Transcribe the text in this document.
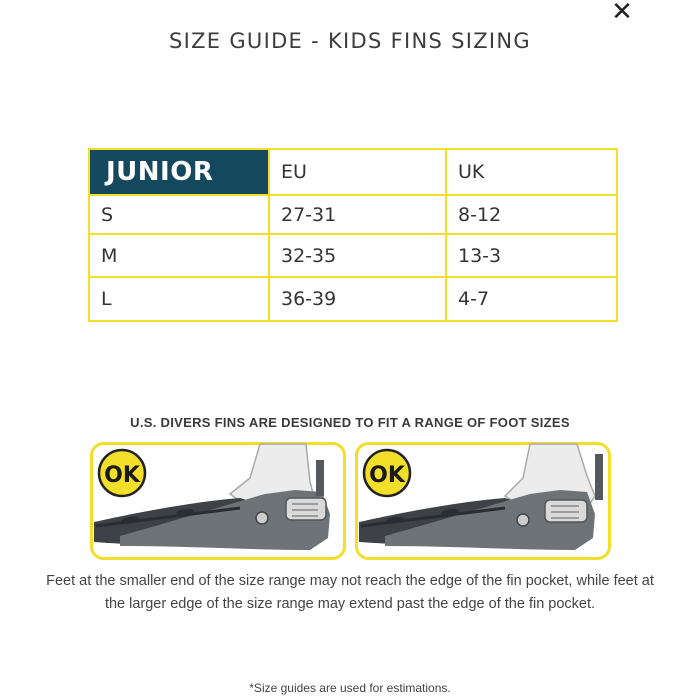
✕
SIZE GUIDE - KIDS FINS SIZING
JUNIOR	EU	UK
S	27-31	8-12
M	32-35	13-3
L	36-39	4-7
U.S. DIVERS FINS ARE DESIGNED TO FIT A RANGE OF FOOT SIZES
OK	OK
Feet at the smaller end of the size range may not reach the edge of the fin pocket, while feet at the larger edge of the size range may extend past the edge of the fin pocket.
*Size guides are used for estimations.
